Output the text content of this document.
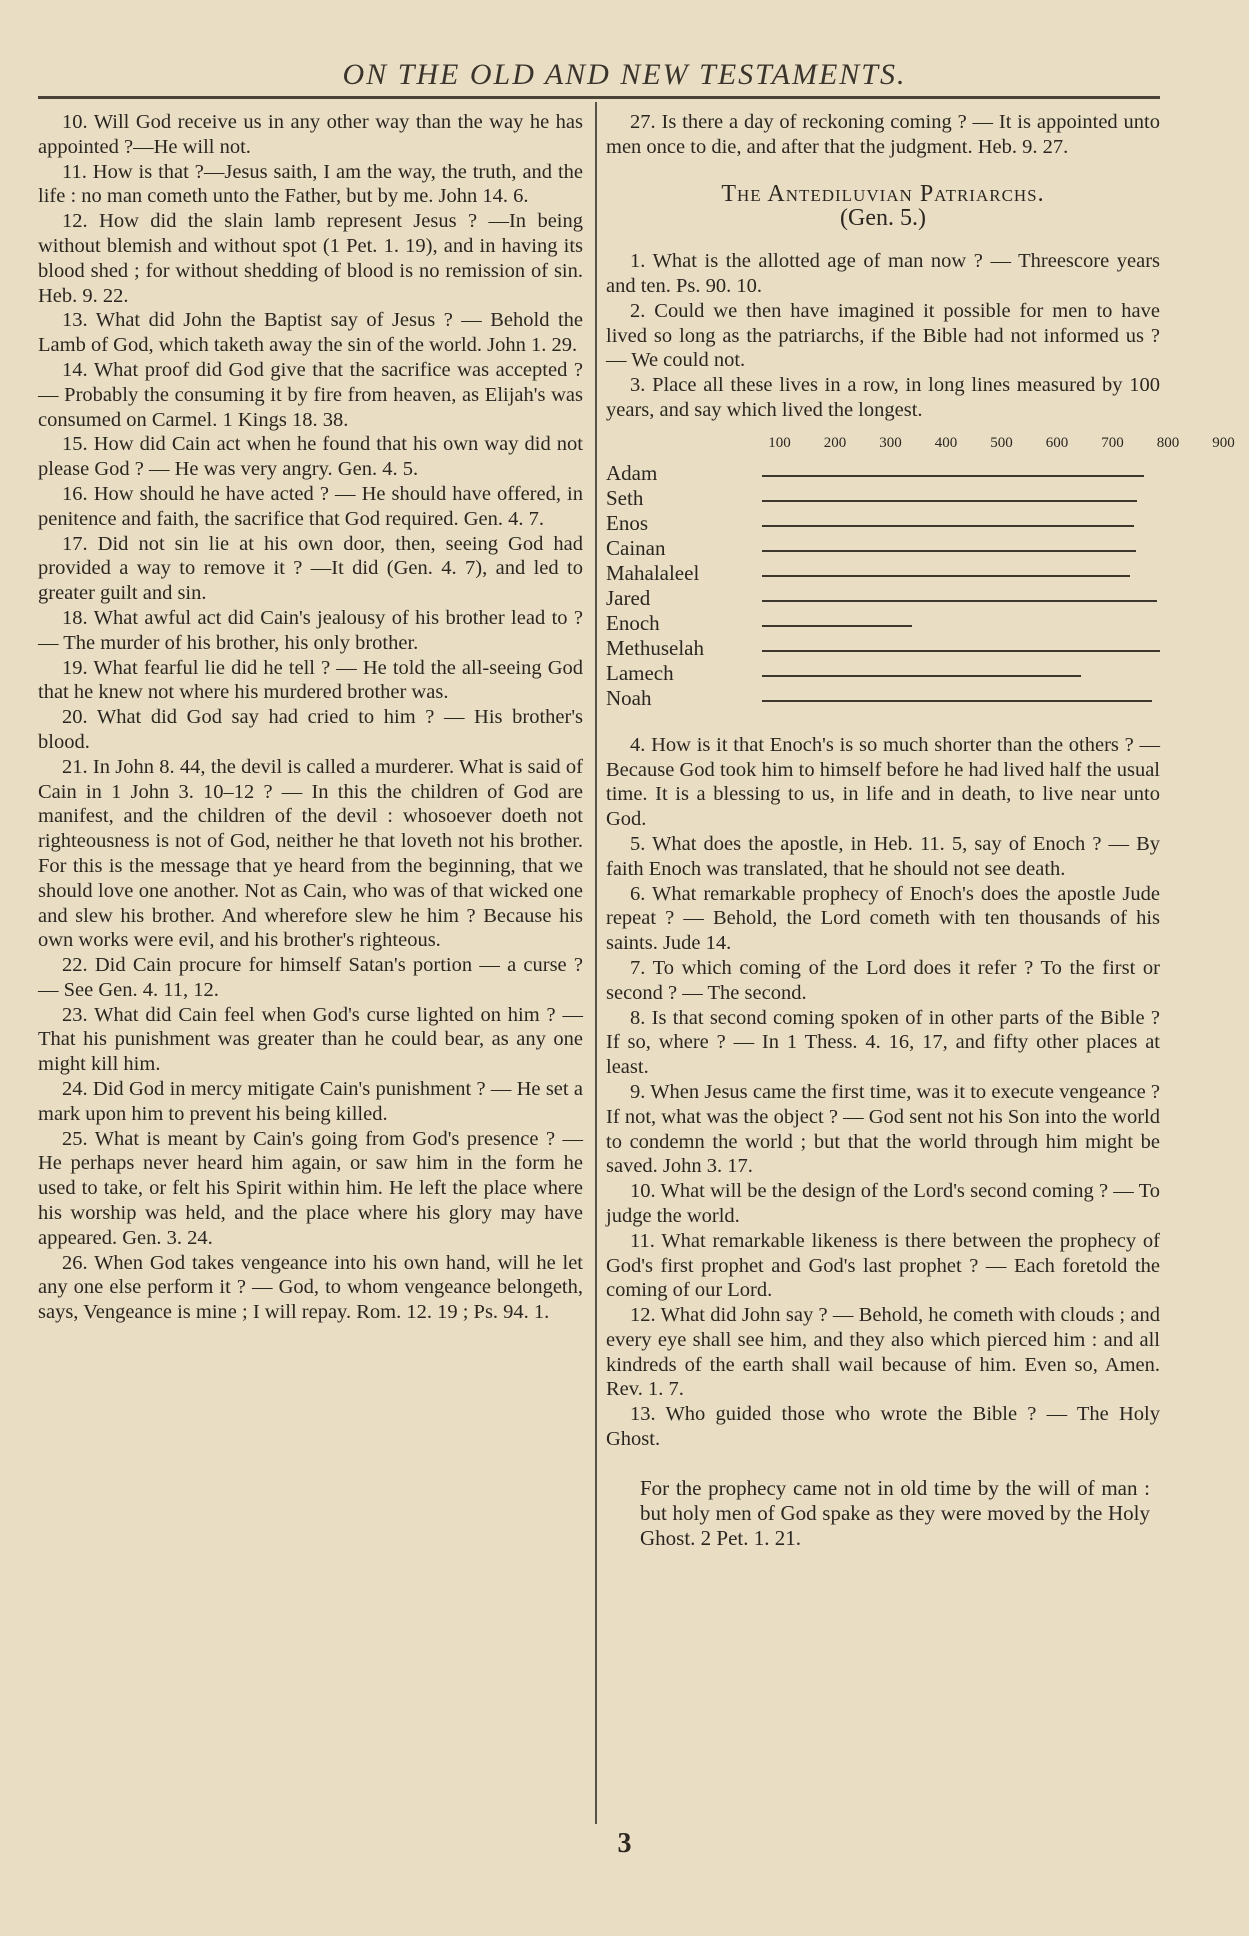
ON THE OLD AND NEW TESTAMENTS.

10. Will God receive us in any other way than the way he has appointed ?—He will not.

11. How is that ?—Jesus saith, I am the way, the truth, and the life : no man cometh unto the Father, but by me. John 14. 6.

12. How did the slain lamb represent Jesus ? —In being without blemish and without spot (1 Pet. 1. 19), and in having its blood shed ; for without shedding of blood is no remission of sin. Heb. 9. 22.

13. What did John the Baptist say of Jesus ? — Behold the Lamb of God, which taketh away the sin of the world. John 1. 29.

14. What proof did God give that the sacrifice was accepted ? — Probably the consuming it by fire from heaven, as Elijah's was consumed on Carmel. 1 Kings 18. 38.

15. How did Cain act when he found that his own way did not please God ? — He was very angry. Gen. 4. 5.

16. How should he have acted ? — He should have offered, in penitence and faith, the sacrifice that God required. Gen. 4. 7.

17. Did not sin lie at his own door, then, seeing God had provided a way to remove it ? —It did (Gen. 4. 7), and led to greater guilt and sin.

18. What awful act did Cain's jealousy of his brother lead to ? — The murder of his brother, his only brother.

19. What fearful lie did he tell ? — He told the all-seeing God that he knew not where his murdered brother was.

20. What did God say had cried to him ? — His brother's blood.

21. In John 8. 44, the devil is called a murderer. What is said of Cain in 1 John 3. 10–12 ? — In this the children of God are manifest, and the children of the devil : whosoever doeth not righteousness is not of God, neither he that loveth not his brother. For this is the message that ye heard from the beginning, that we should love one another. Not as Cain, who was of that wicked one and slew his brother. And wherefore slew he him ? Because his own works were evil, and his brother's righteous.

22. Did Cain procure for himself Satan's portion — a curse ? — See Gen. 4. 11, 12.

23. What did Cain feel when God's curse lighted on him ? — That his punishment was greater than he could bear, as any one might kill him.

24. Did God in mercy mitigate Cain's punishment ? — He set a mark upon him to prevent his being killed.

25. What is meant by Cain's going from God's presence ? — He perhaps never heard him again, or saw him in the form he used to take, or felt his Spirit within him. He left the place where his worship was held, and the place where his glory may have appeared. Gen. 3. 24.

26. When God takes vengeance into his own hand, will he let any one else perform it ? — God, to whom vengeance belongeth, says, Vengeance is mine ; I will repay. Rom. 12. 19 ; Ps. 94. 1.

27. Is there a day of reckoning coming ? — It is appointed unto men once to die, and after that the judgment. Heb. 9. 27.

The Antediluvian Patriarchs.
(Gen. 5.)

1. What is the allotted age of man now ? — Threescore years and ten. Ps. 90. 10.

2. Could we then have imagined it possible for men to have lived so long as the patriarchs, if the Bible had not informed us ? — We could not.

3. Place all these lives in a row, in long lines measured by 100 years, and say which lived the longest.

100	200	300	400	500	600	700	800	900
Adam
Seth
Enos
Cainan
Mahalaleel
Jared
Enoch
Methuselah
Lamech
Noah

4. How is it that Enoch's is so much shorter than the others ? — Because God took him to himself before he had lived half the usual time. It is a blessing to us, in life and in death, to live near unto God.

5. What does the apostle, in Heb. 11. 5, say of Enoch ? — By faith Enoch was translated, that he should not see death.

6. What remarkable prophecy of Enoch's does the apostle Jude repeat ? — Behold, the Lord cometh with ten thousands of his saints. Jude 14.

7. To which coming of the Lord does it refer ? To the first or second ? — The second.

8. Is that second coming spoken of in other parts of the Bible ? If so, where ? — In 1 Thess. 4. 16, 17, and fifty other places at least.

9. When Jesus came the first time, was it to execute vengeance ? If not, what was the object ? — God sent not his Son into the world to condemn the world ; but that the world through him might be saved. John 3. 17.

10. What will be the design of the Lord's second coming ? — To judge the world.

11. What remarkable likeness is there between the prophecy of God's first prophet and God's last prophet ? — Each foretold the coming of our Lord.

12. What did John say ? — Behold, he cometh with clouds ; and every eye shall see him, and they also which pierced him : and all kindreds of the earth shall wail because of him. Even so, Amen. Rev. 1. 7.

13. Who guided those who wrote the Bible ? — The Holy Ghost.

For the prophecy came not in old time by the will of man : but holy men of God spake as they were moved by the Holy Ghost. 2 Pet. 1. 21.
3
